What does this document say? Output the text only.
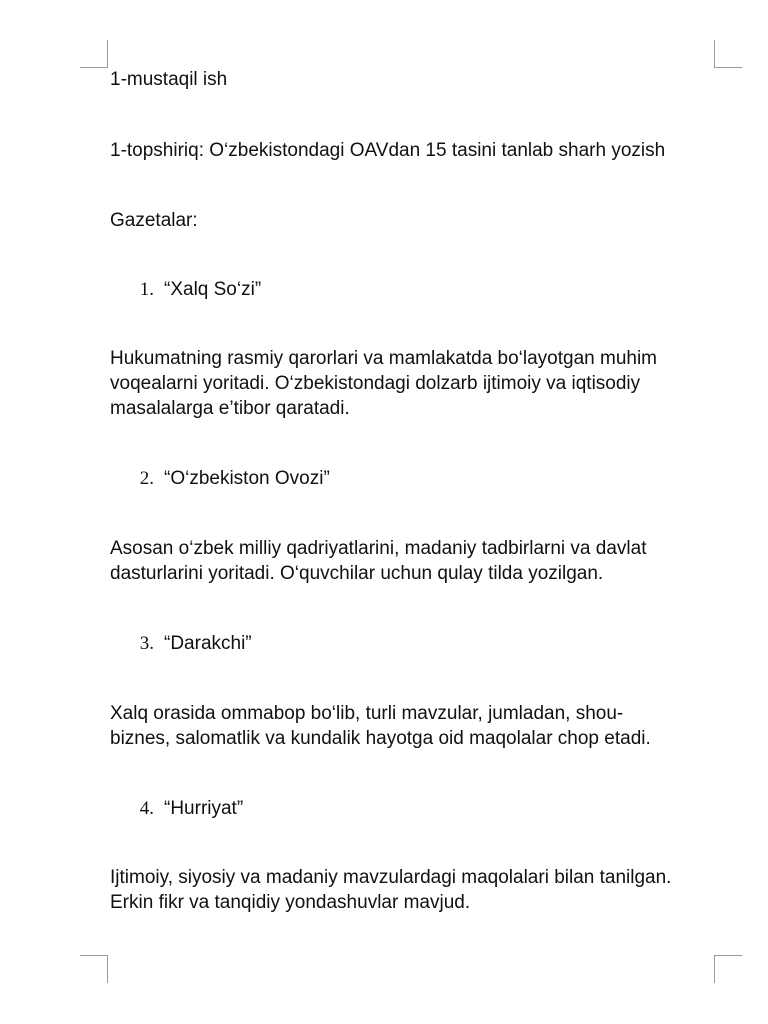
1-mustaqil ish
1-topshiriq: O‘zbekistondagi OAVdan 15 tasini tanlab sharh yozish
Gazetalar:
1. “Xalq So‘zi”
Hukumatning rasmiy qarorlari va mamlakatda bo‘layotgan muhim
voqealarni yoritadi. O‘zbekistondagi dolzarb ijtimoiy va iqtisodiy
masalalarga e’tibor qaratadi.
2. “O‘zbekiston Ovozi”
Asosan o‘zbek milliy qadriyatlarini, madaniy tadbirlarni va davlat
dasturlarini yoritadi. O‘quvchilar uchun qulay tilda yozilgan.
3. “Darakchi”
Xalq orasida ommabop bo‘lib, turli mavzular, jumladan, shou-
biznes, salomatlik va kundalik hayotga oid maqolalar chop etadi.
4. “Hurriyat”
Ijtimoiy, siyosiy va madaniy mavzulardagi maqolalari bilan tanilgan.
Erkin fikr va tanqidiy yondashuvlar mavjud.
